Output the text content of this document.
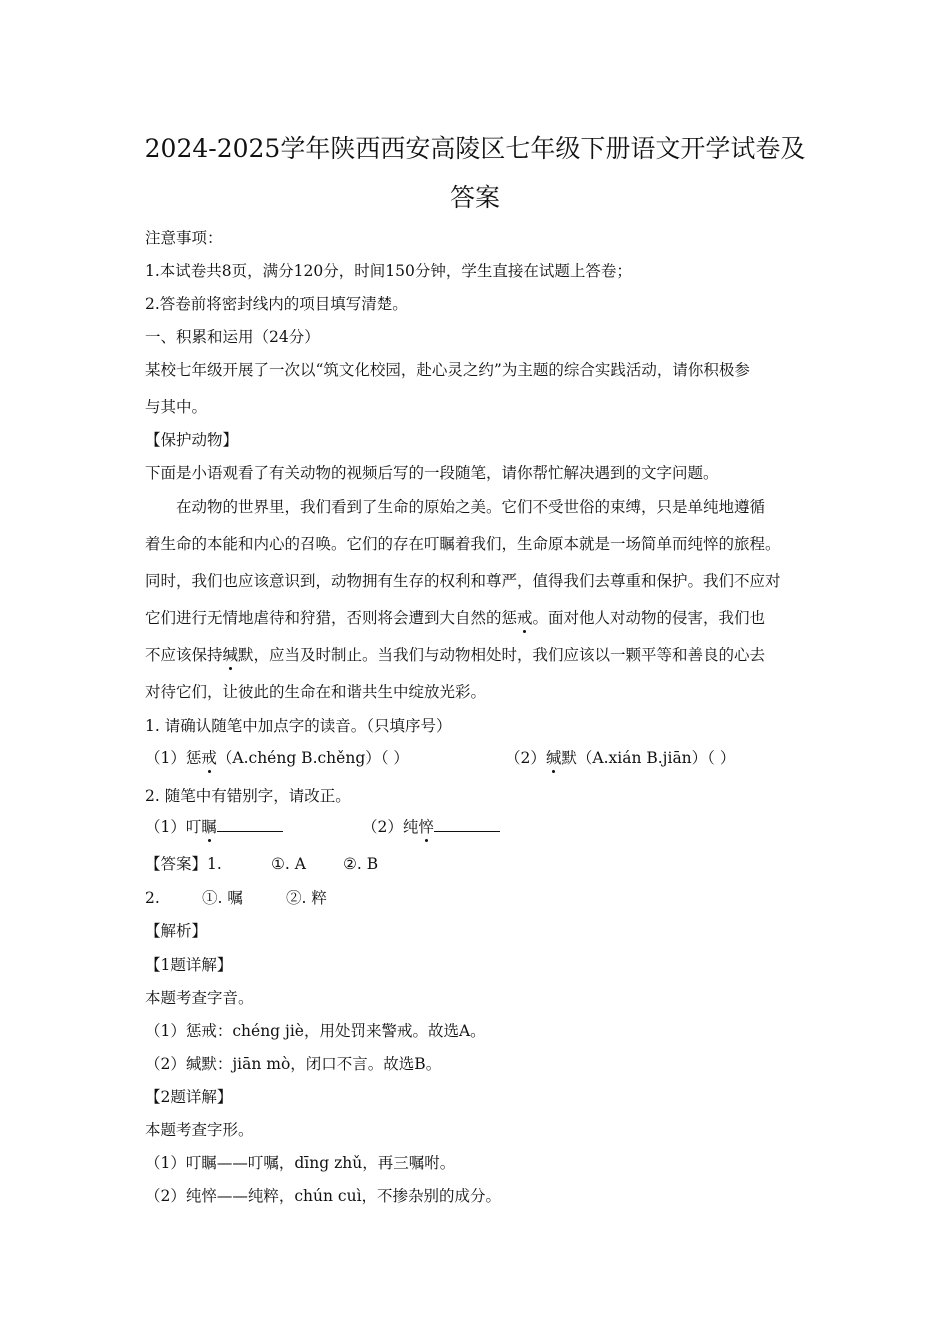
2024-2025学年陕西西安高陵区七年级下册语文开学试卷及
答案
注意事项：
1.本试卷共8页，满分120分，时间150分钟，学生直接在试题上答卷；
2.答卷前将密封线内的项目填写清楚。
一、积累和运用（24分）
某校七年级开展了一次以“筑文化校园，赴心灵之约”为主题的综合实践活动，请你积极参
与其中。
【保护动物】
下面是小语观看了有关动物的视频后写的一段随笔，请你帮忙解决遇到的文字问题。
在动物的世界里，我们看到了生命的原始之美。它们不受世俗的束缚，只是单纯地遵循
着生命的本能和内心的召唤。它们的存在叮瞩着我们，生命原本就是一场简单而纯悴的旅程。
同时，我们也应该意识到，动物拥有生存的权利和尊严，值得我们去尊重和保护。我们不应对
它们进行无情地虐待和狩猎，否则将会遭到大自然的惩戒。面对他人对动物的侵害，我们也
不应该保持缄默，应当及时制止。当我们与动物相处时，我们应该以一颗平等和善良的心去
对待它们，让彼此的生命在和谐共生中绽放光彩。
1. 请确认随笔中加点字的读音。（只填序号）
（1）惩戒（A.chéng B.chěng）（ ）	（2）缄默（A.xián B.jiān）（ ）
2. 随笔中有错别字，请改正。
（1）叮瞩	（2）纯悴
【答案】1.	①. A ②. B
2.	①. 嘱	②. 粹
【解析】
【1题详解】
本题考查字音。
（1）惩戒：chéng jiè，用处罚来警戒。故选A。
（2）缄默：jiān mò，闭口不言。故选B。
【2题详解】
本题考查字形。
（1）叮瞩——叮嘱，dīng zhǔ，再三嘱咐。
（2）纯悴——纯粹，chún cuì，不掺杂别的成分。
